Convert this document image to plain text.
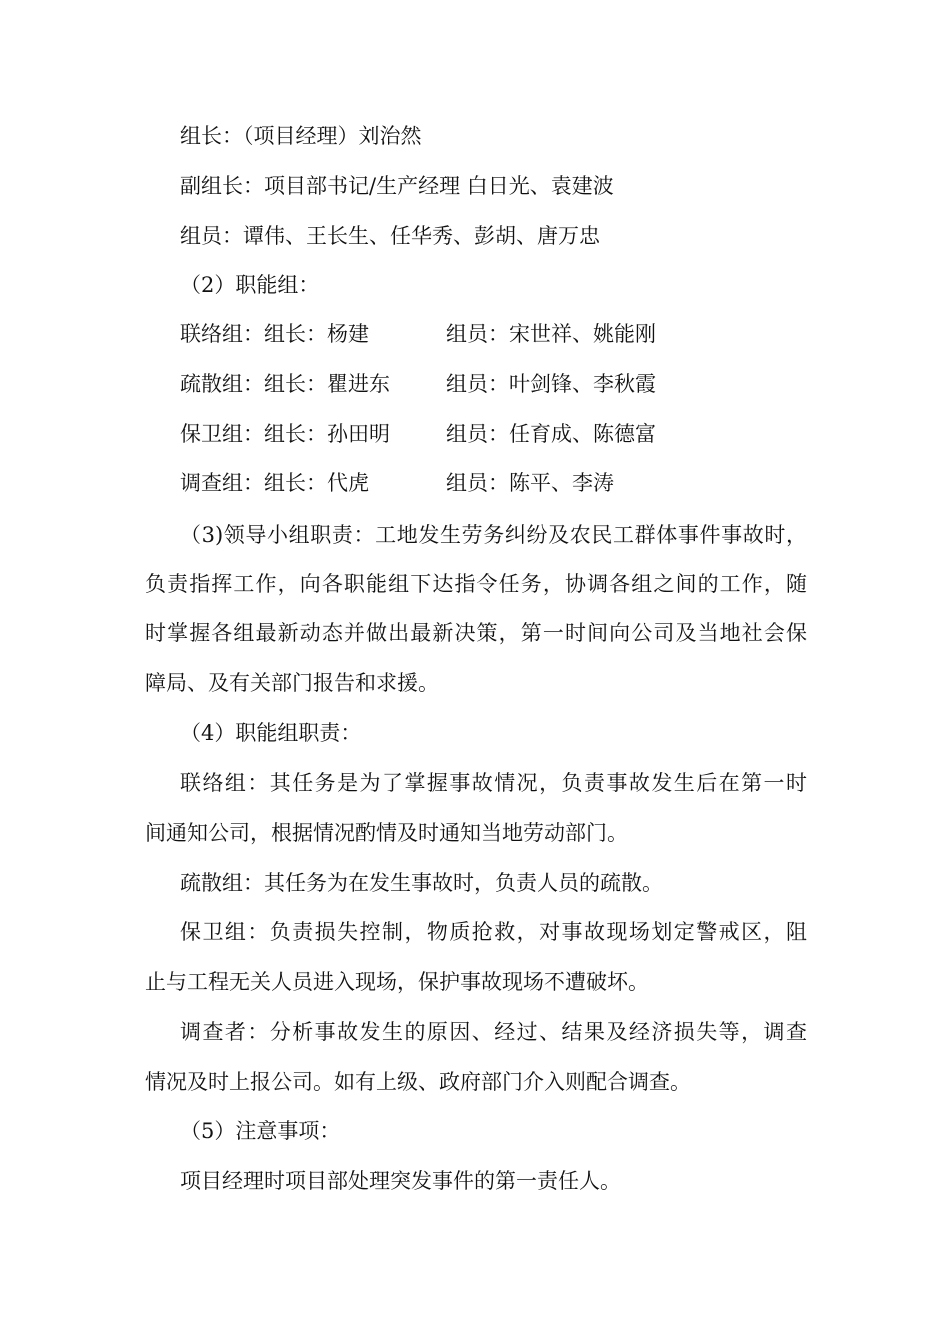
组长：（项目经理）刘治然
副组长：项目部书记/生产经理 白日光、袁建波
组员：谭伟、王长生、任华秀、彭胡、唐万忠
（2）职能组：
联络组：组长：杨建	组员：宋世祥、姚能刚
疏散组：组长：瞿进东	组员：叶剑锋、李秋霞
保卫组：组长：孙田明	组员：任育成、陈德富
调查组：组长：代虎	组员：陈平、李涛
（3)领导小组职责：工地发生劳务纠纷及农民工群体事件事故时，
负责指挥工作，向各职能组下达指令任务，协调各组之间的工作，随
时掌握各组最新动态并做出最新决策，第一时间向公司及当地社会保
障局、及有关部门报告和求援。
（4）职能组职责：
联络组：其任务是为了掌握事故情况，负责事故发生后在第一时
间通知公司，根据情况酌情及时通知当地劳动部门。
疏散组：其任务为在发生事故时，负责人员的疏散。
保卫组：负责损失控制，物质抢救，对事故现场划定警戒区，阻
止与工程无关人员进入现场，保护事故现场不遭破坏。
调查者：分析事故发生的原因、经过、结果及经济损失等，调查
情况及时上报公司。如有上级、政府部门介入则配合调查。
（5）注意事项：
项目经理时项目部处理突发事件的第一责任人。
